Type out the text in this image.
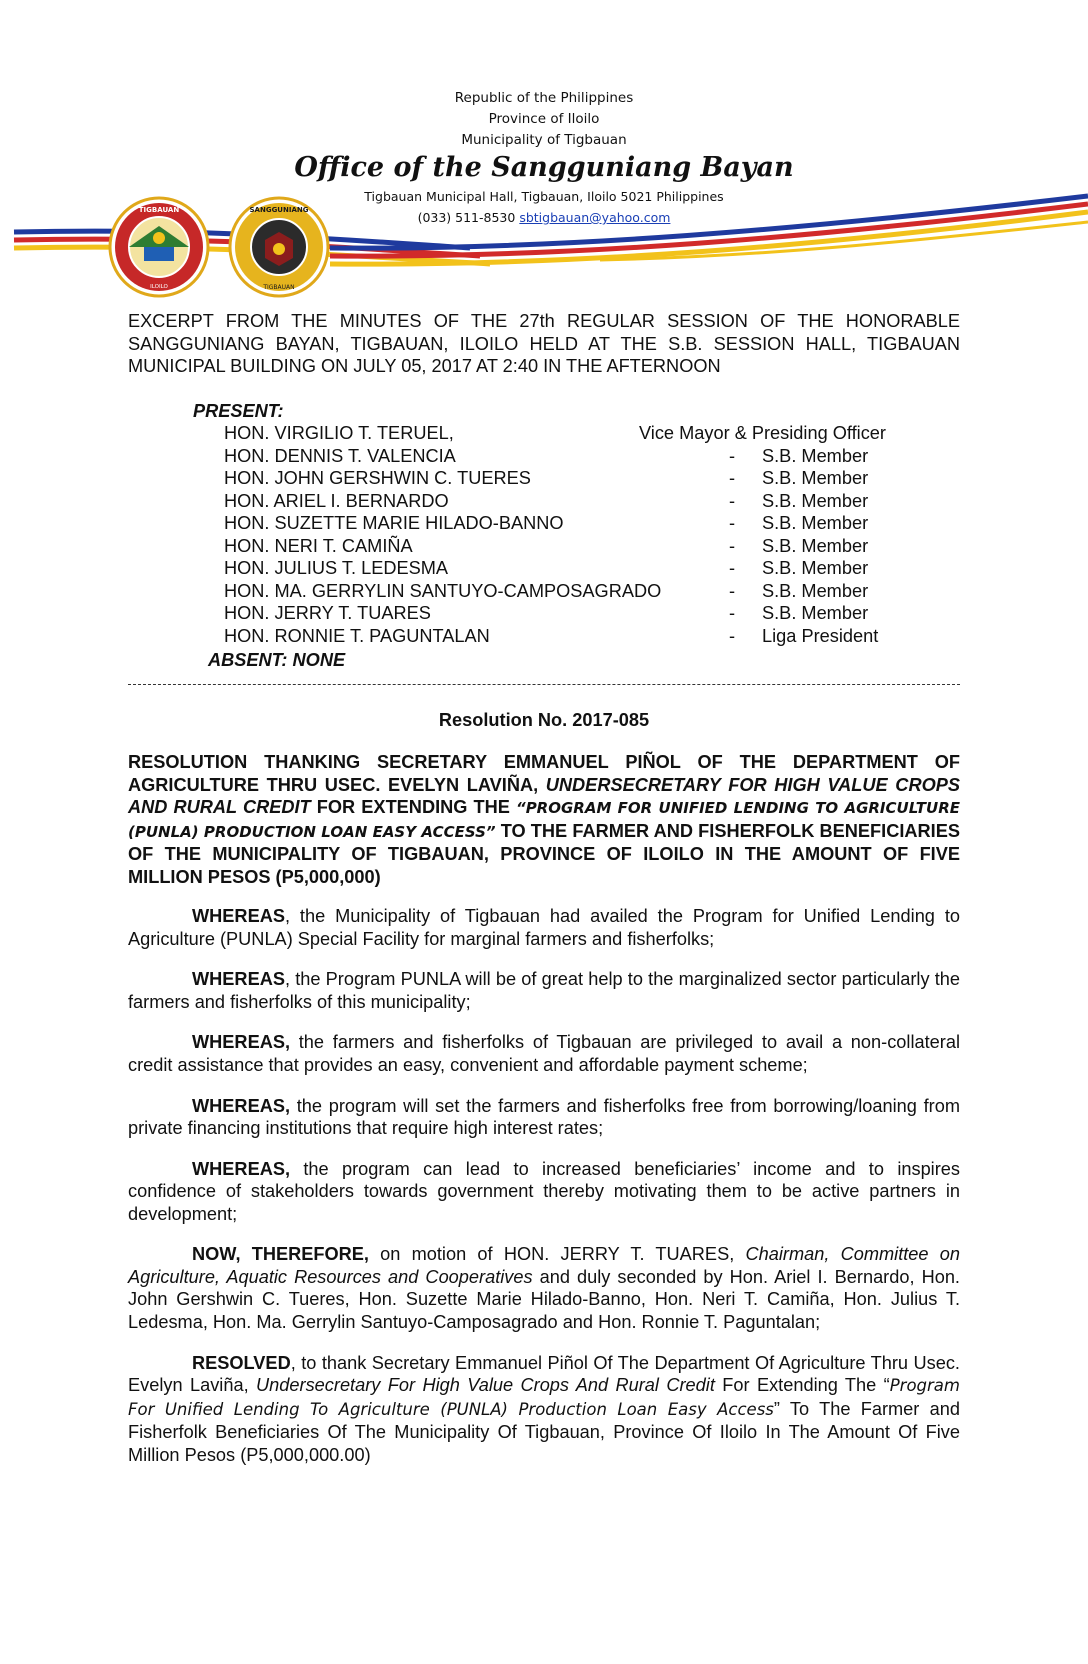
TIGBAUAN
ILOILO
SANGGUNIANG
TIGBAUAN
Republic of the Philippines
Province of Iloilo
Municipality of Tigbauan
Office of the Sangguniang Bayan
Tigbauan Municipal Hall, Tigbauan, Iloilo 5021 Philippines
(033) 511-8530 sbtigbauan@yahoo.com

EXCERPT FROM THE MINUTES OF THE 27th REGULAR SESSION OF THE HONORABLE SANGGUNIANG BAYAN, TIGBAUAN, ILOILO HELD AT THE S.B. SESSION HALL, TIGBAUAN MUNICIPAL BUILDING ON JULY 05, 2017 AT 2:40 IN THE AFTERNOON

PRESENT:
HON. VIRGILIO T. TERUEL,	Vice Mayor & Presiding Officer
HON. DENNIS T. VALENCIA	-	S.B. Member
HON. JOHN GERSHWIN C. TUERES	-	S.B. Member
HON. ARIEL I. BERNARDO	-	S.B. Member
HON. SUZETTE MARIE HILADO-BANNO	-	S.B. Member
HON. NERI T. CAMIÑA	-	S.B. Member
HON. JULIUS T. LEDESMA	-	S.B. Member
HON. MA. GERRYLIN SANTUYO-CAMPOSAGRADO	-	S.B. Member
HON. JERRY T. TUARES	-	S.B. Member
HON. RONNIE T. PAGUNTALAN	-	Liga President
ABSENT: NONE
Resolution No. 2017-085
RESOLUTION THANKING SECRETARY EMMANUEL PIÑOL OF THE DEPARTMENT OF AGRICULTURE THRU USEC. EVELYN LAVIÑA, UNDERSECRETARY FOR HIGH VALUE CROPS AND RURAL CREDIT FOR EXTENDING THE “PROGRAM FOR UNIFIED LENDING TO AGRICULTURE (PUNLA) PRODUCTION LOAN EASY ACCESS” TO THE FARMER AND FISHERFOLK BENEFICIARIES OF THE MUNICIPALITY OF TIGBAUAN, PROVINCE OF ILOILO IN THE AMOUNT OF FIVE MILLION PESOS (P5,000,000)

WHEREAS, the Municipality of Tigbauan had availed the Program for Unified Lending to Agriculture (PUNLA) Special Facility for marginal farmers and fisherfolks;

WHEREAS, the Program PUNLA will be of great help to the marginalized sector particularly the farmers and fisherfolks of this municipality;

WHEREAS, the farmers and fisherfolks of Tigbauan are privileged to avail a non-collateral credit assistance that provides an easy, convenient and affordable payment scheme;

WHEREAS, the program will set the farmers and fisherfolks free from borrowing/loaning from private financing institutions that require high interest rates;

WHEREAS, the program can lead to increased beneficiaries’ income and to inspires confidence of stakeholders towards government thereby motivating them to be active partners in development;

NOW, THEREFORE, on motion of HON. JERRY T. TUARES, Chairman, Committee on Agriculture, Aquatic Resources and Cooperatives and duly seconded by Hon. Ariel I. Bernardo, Hon. John Gershwin C. Tueres, Hon. Suzette Marie Hilado-Banno, Hon. Neri T. Camiña, Hon. Julius T. Ledesma, Hon. Ma. Gerrylin Santuyo-Camposagrado and Hon. Ronnie T. Paguntalan;

RESOLVED, to thank Secretary Emmanuel Piñol Of The Department Of Agriculture Thru Usec. Evelyn Laviña, Undersecretary For High Value Crops And Rural Credit For Extending The “Program For Unified Lending To Agriculture (PUNLA) Production Loan Easy Access” To The Farmer and Fisherfolk Beneficiaries Of The Municipality Of Tigbauan, Province Of Iloilo In The Amount Of Five Million Pesos (P5,000,000.00)
